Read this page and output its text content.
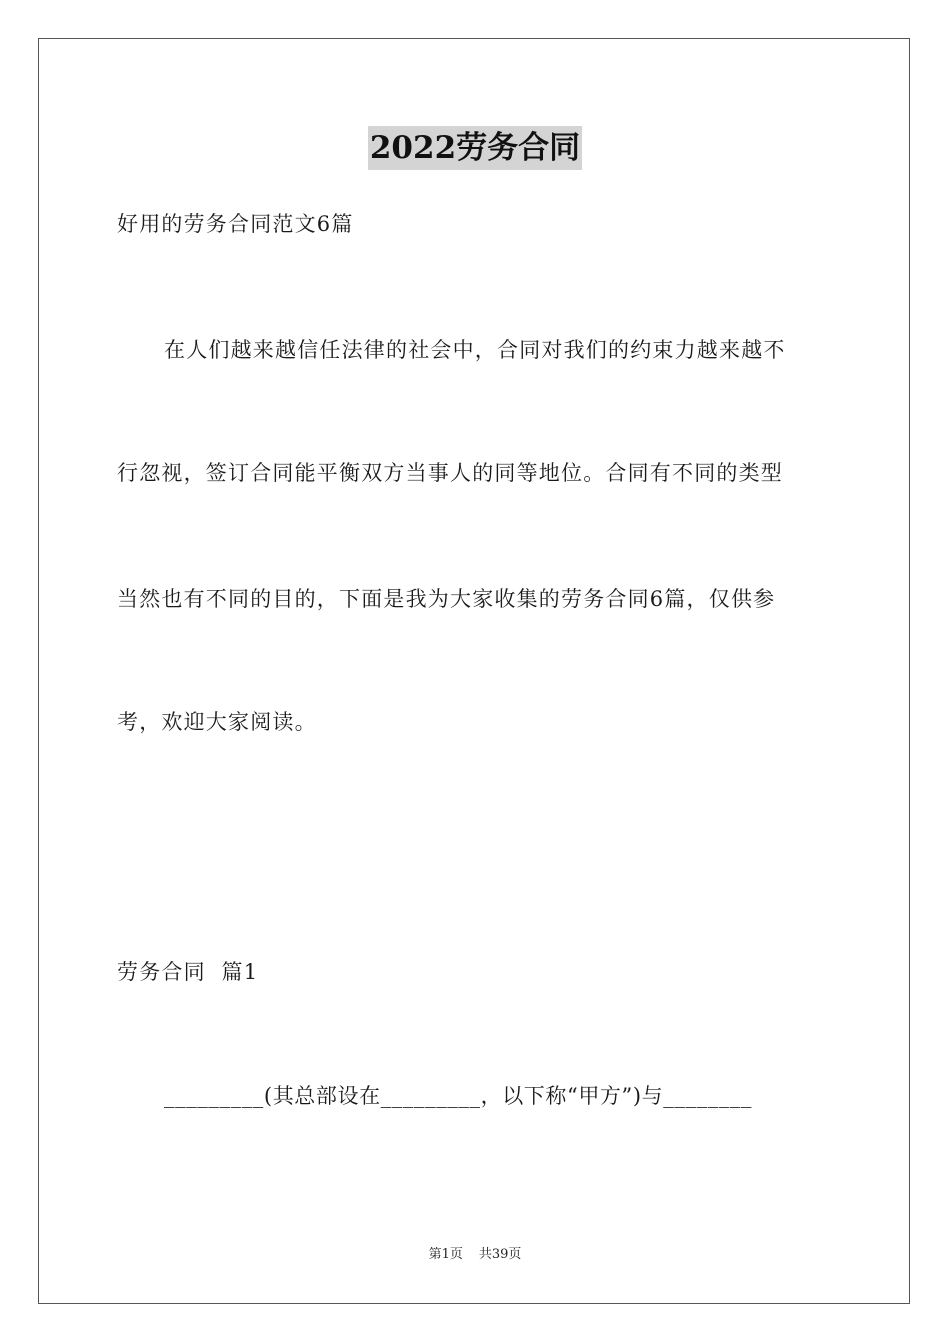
2022劳务合同
好用的劳务合同范文6篇
在人们越来越信任法律的社会中，合同对我们的约束力越来越不
行忽视，签订合同能平衡双方当事人的同等地位。合同有不同的类型
当然也有不同的目的，下面是我为大家收集的劳务合同6篇，仅供参
考，欢迎大家阅读。
劳务合同  篇1
_________(其总部设在_________，以下称“甲方”)与________
第1页 共39页
